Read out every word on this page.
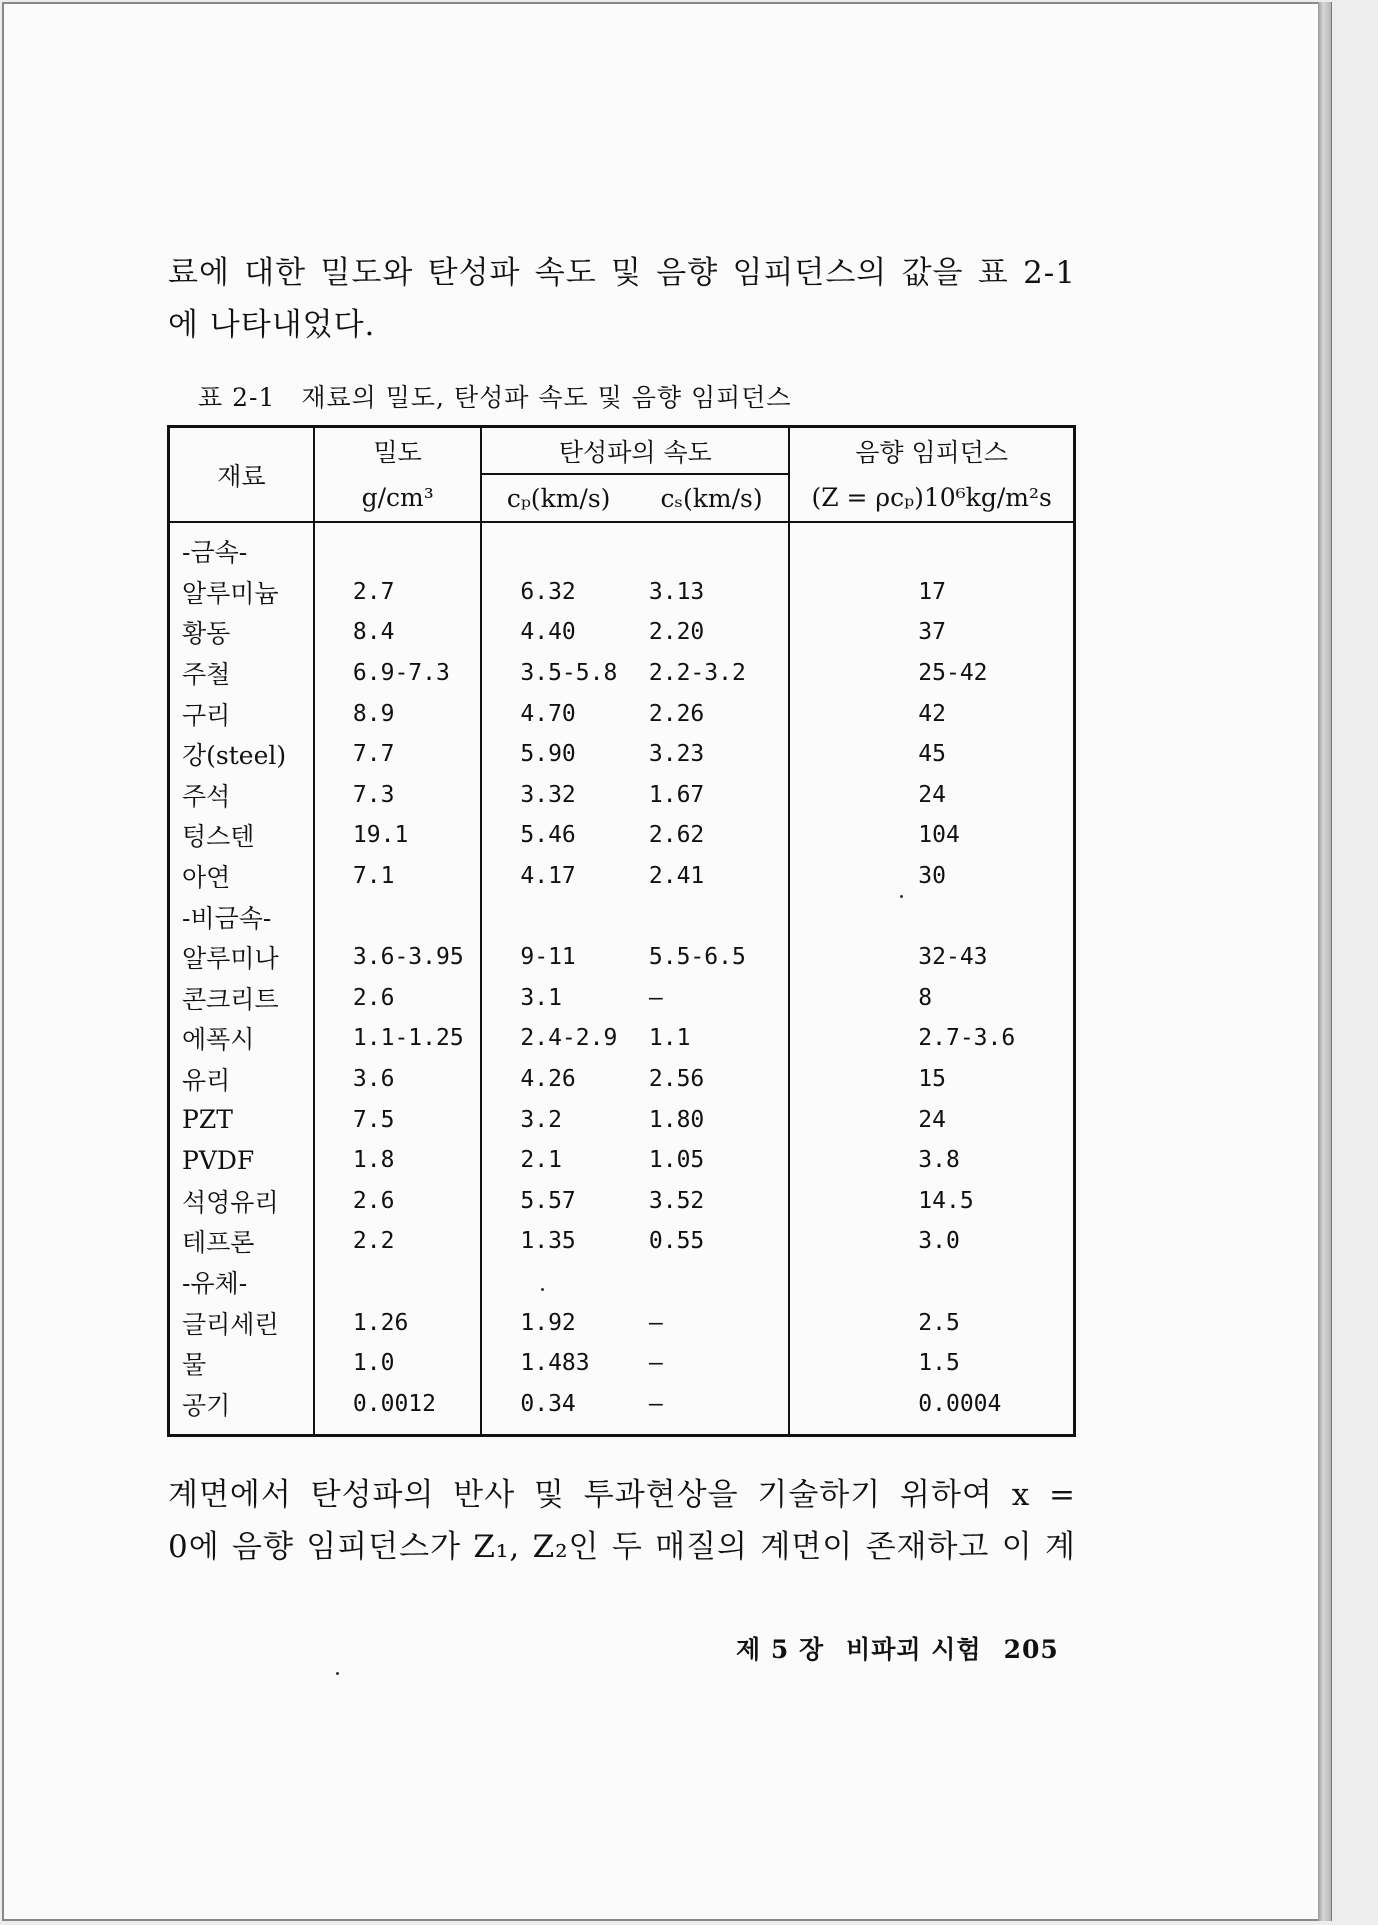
료에 대한 밀도와 탄성파 속도 및 음향 임피던스의 값을 표 2-1
에 나타내었다.
표 2-1 재료의 밀도, 탄성파 속도 및 음향 임피던스
재료	밀도	탄성파의 속도		음향 임피던스
	g/cm³	cₚ(km/s)	cₛ(km/s)	(Z = ρcₚ)10⁶kg/m²s
-금속-				
알루미늄	2.7	6.32	3.13	17
황동	8.4	4.40	2.20	37
주철	6.9-7.3	3.5-5.8	2.2-3.2	25-42
구리	8.9	4.70	2.26	42
강(steel)	7.7	5.90	3.23	45
주석	7.3	3.32	1.67	24
텅스텐	19.1	5.46	2.62	104
아연	7.1	4.17	2.41	30
-비금속-				
알루미나	3.6-3.95	9-11	5.5-6.5	32-43
콘크리트	2.6	3.1	—	8
에폭시	1.1-1.25	2.4-2.9	1.1	2.7-3.6
유리	3.6	4.26	2.56	15
PZT	7.5	3.2	1.80	24
PVDF	1.8	2.1	1.05	3.8
석영유리	2.6	5.57	3.52	14.5
테프론	2.2	1.35	0.55	3.0
-유체-				
글리세린	1.26	1.92	—	2.5
물	1.0	1.483	—	1.5
공기	0.0012	0.34	—	0.0004
계면에서 탄성파의 반사 및 투과현상을 기술하기 위하여 x =
0에 음향 임피던스가 Z₁, Z₂인 두 매질의 계면이 존재하고 이 계
제 5 장 비파괴 시험 205
